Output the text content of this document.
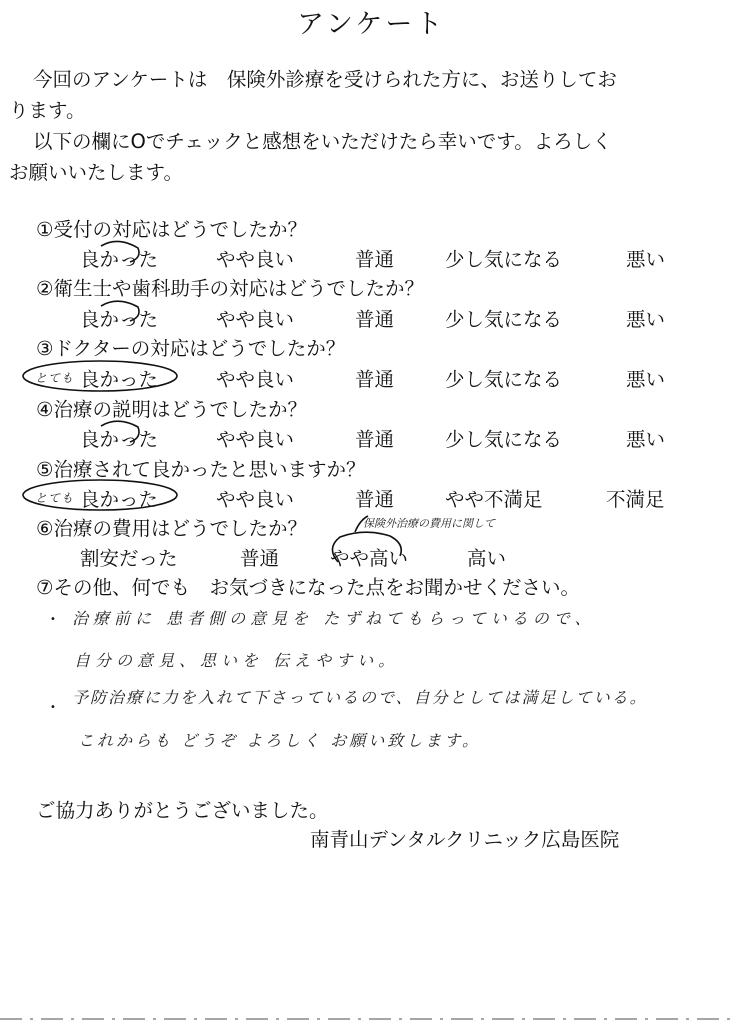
アンケート
今回のアンケートは　保険外診療を受けられた方に、お送りしてお
ります。
以下の欄にOでチェックと感想をいただけたら幸いです。よろしく
お願いいたします。
①受付の対応はどうでしたか？
良かった	やや良い	普通	少し気になる	悪い
②衛生士や歯科助手の対応はどうでしたか？
良かった	やや良い	普通	少し気になる	悪い
③ドクターの対応はどうでしたか？
とても 良かった	やや良い	普通	少し気になる	悪い
④治療の説明はどうでしたか？
良かった	やや良い	普通	少し気になる	悪い
⑤治療されて良かったと思いますか？
とても 良かった	やや良い	普通	やや不満足	不満足
⑥治療の費用はどうでしたか？	保険外治療の費用に関して
割安だった	普通	やや高い	高い
⑦その他、何でも　お気づきになった点をお聞かせください。
• 治療前に 患者側の意見を たずねてもらっているので、
自分の意見、思いを 伝えやすい。
•
予防治療に力を入れて下さっているので、自分としては満足している。
これからも どうぞ よろしく お願い致します。
ご協力ありがとうございました。
南青山デンタルクリニック広島医院
